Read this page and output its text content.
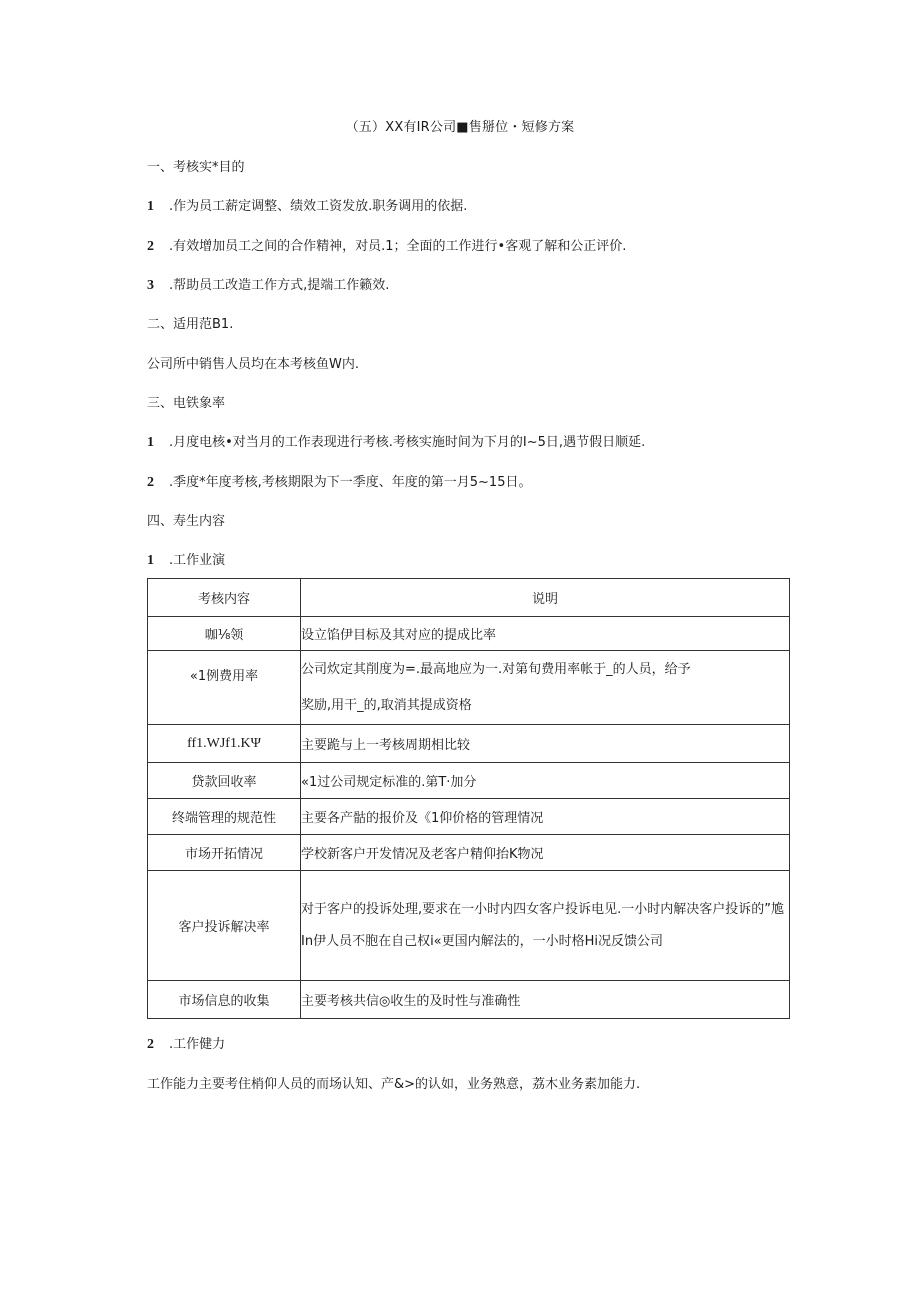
（五）XX有IR公司■售掰位・短修方案
一、考核实*目的
1 .作为员工薪定调整、绩效工资发放.职务调用的依据.
2 .有效增加员工之间的合作精神，对员.1；全面的工作进行•客观了解和公正评价.
3 .帮助员工改造工作方式,提端工作籁效.
二、适用范B1.
公司所中销售人员均在本考核鱼W内.
三、电铁象率
1 .月度电核•对当月的工作表现进行考核.考核实施时间为下月的I~5日,遇节假日顺延.
2 .季度*年度考核,考核期限为下一季度、年度的第一月5~15日。
四、寿生内容
1 .工作业演
考核内容	说明
咖⅛领	设立馅伊目标及其对应的提成比率
«1例费用率	公司炊定其削度为=.最高地应为一.对第旬费用率帐于_的人员，给予
奖励,用干_的,取消其提成资格

ff1.WJf1.KΨ	主要跪与上一考核周期相比较
贷款回收率	«1过公司规定标准的.第T·加分
终端管理的规范性	主要各产骷的报价及《1仰价格的管理情况
市场开拓情况	学校新客户开发情况及老客户精仰抬K物况
客户投诉解决率	对于客户的投诉处理,要求在一小时内四女客户投诉电见.一小时内解决客户投诉的”尯
In伊人员不胞在自己权i«更国内解法的，一小时格Hi况反馈公司

市场信息的收集	主要考核共信◎收生的及时性与准确性
2 .工作健力
工作能力主要考住梢仰人员的而场认知、产&>的认如，业务熟意，荔木业务素加能力.
